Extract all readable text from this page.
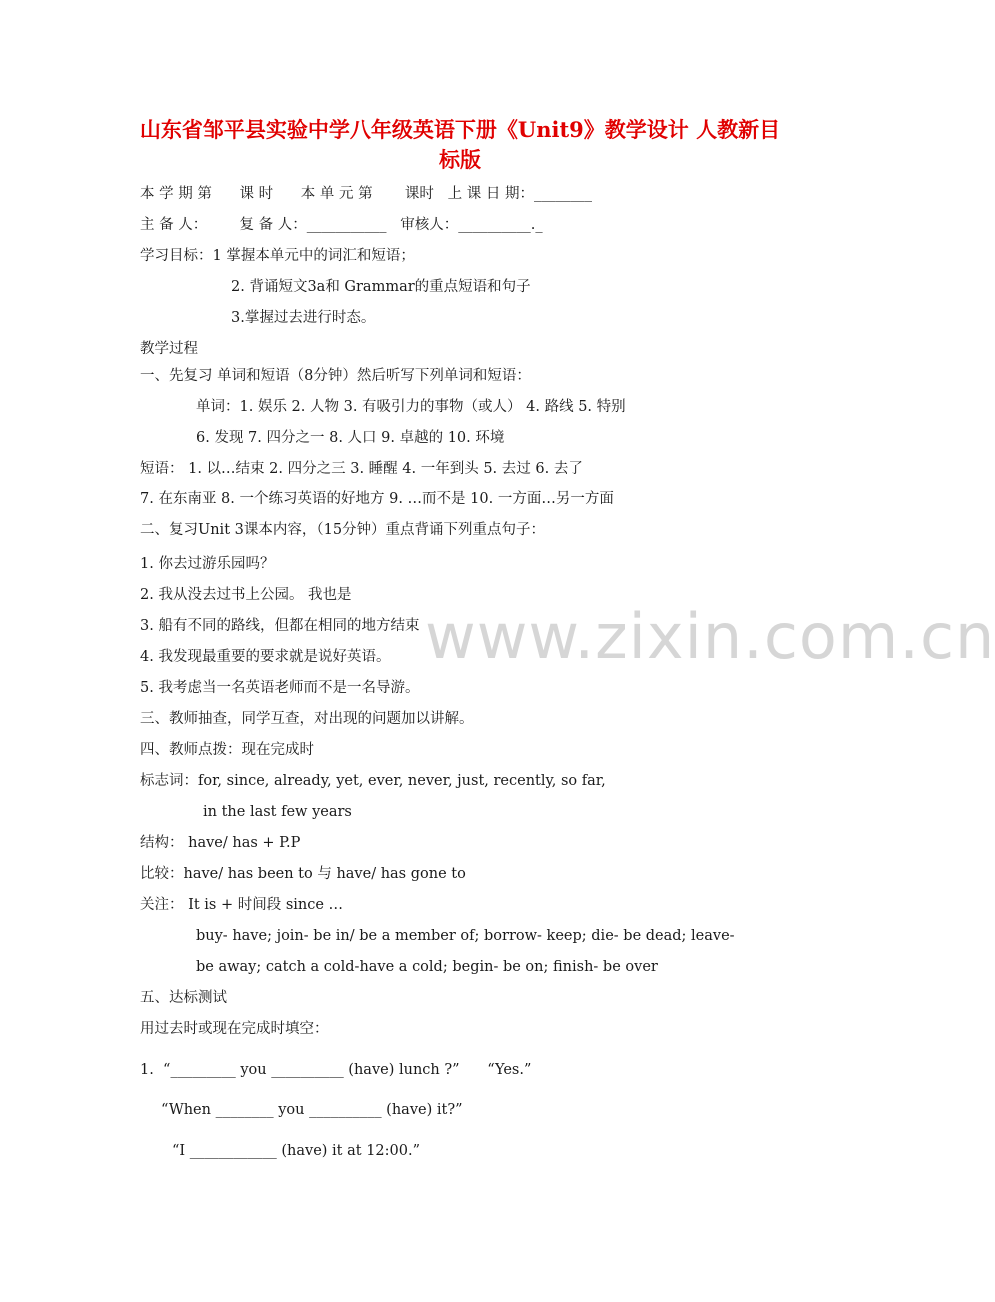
www.zixin.com.cn
山东省邹平县实验中学八年级英语下册《Unit9》教学设计 人教新目
标版
本 学 期 第      课 时      本 单 元 第       课时   上 课 日 期：________
主 备 人：       复 备 人：___________   审核人：__________._
学习目标：1 掌握本单元中的词汇和短语；
2. 背诵短文3a和 Grammar的重点短语和句子
3.掌握过去进行时态。
教学过程
一、先复习 单词和短语（8分钟）然后听写下列单词和短语：
单词：1. 娱乐 2. 人物 3. 有吸引力的事物（或人） 4. 路线 5. 特别
6. 发现 7. 四分之一 8. 人口 9. 卓越的 10. 环境
短语： 1. 以…结束 2. 四分之三 3. 睡醒 4. 一年到头 5. 去过 6. 去了
7. 在东南亚 8. 一个练习英语的好地方 9. …而不是 10. 一方面…另一方面
二、复习Unit 3课本内容，（15分钟）重点背诵下列重点句子：
1. 你去过游乐园吗？
2. 我从没去过书上公园。 我也是
3. 船有不同的路线，但都在相同的地方结束
4. 我发现最重要的要求就是说好英语。
5. 我考虑当一名英语老师而不是一名导游。
三、教师抽查，同学互查，对出现的问题加以讲解。
四、教师点拨：现在完成时
标志词：for, since, already, yet, ever, never, just, recently, so far,
in the last few years
结构： have/ has + P.P
比较：have/ has been to 与 have/ has gone to
关注： It is + 时间段 since …
buy- have; join- be in/ be a member of; borrow- keep; die- be dead; leave-
be away; catch a cold-have a cold; begin- be on; finish- be over
五、达标测试
用过去时或现在完成时填空：
1.  “_________ you __________ (have) lunch ?”      “Yes.”
“When ________ you __________ (have) it?”
“I ____________ (have) it at 12:00.”
